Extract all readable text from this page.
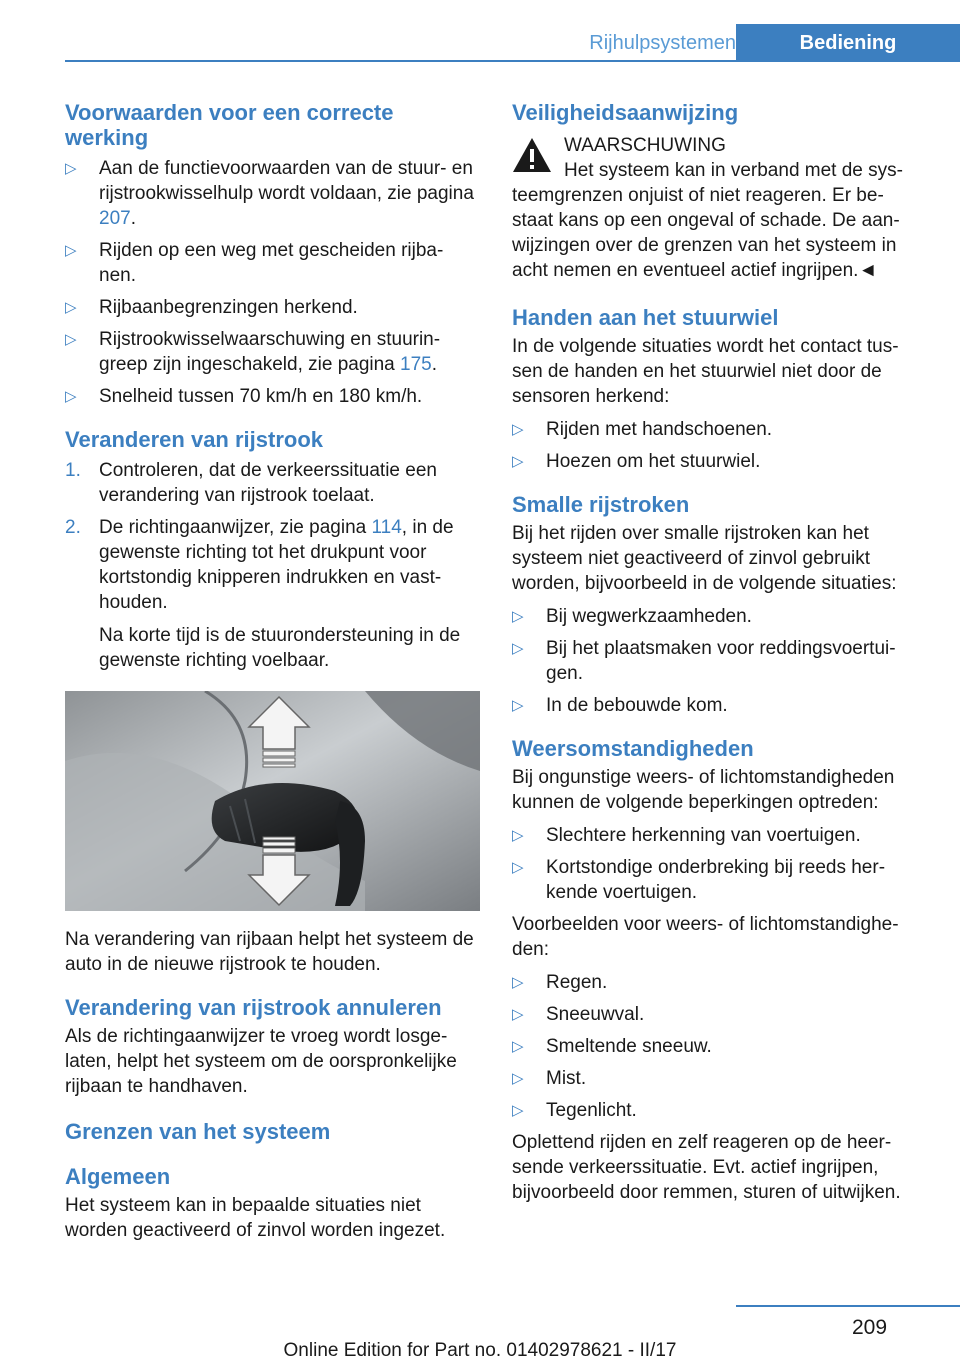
Rijhulpsystemen	Bediening
Voorwaarden voor een correcte werking
▷ Aan de functievoorwaarden van de stuur- en rijstrookwisselhulp wordt voldaan, zie pagina 207.
▷ Rijden op een weg met gescheiden rijba- nen.
▷ Rijbaanbegrenzingen herkend.
▷ Rijstrookwisselwaarschuwing en stuurin- greep zijn ingeschakeld, zie pagina 175.
▷ Snelheid tussen 70 km/h en 180 km/h.
Veranderen van rijstrook
1. Controleren, dat de verkeerssituatie een verandering van rijstrook toelaat.
2. De richtingaanwijzer, zie pagina 114, in de gewenste richting tot het drukpunt voor kortstondig knipperen indrukken en vast- houden.
Na korte tijd is de stuurondersteuning in de gewenste richting voelbaar.

Na verandering van rijbaan helpt het systeem de auto in de nieuwe rijstrook te houden.

Verandering van rijstrook annuleren

Als de richtingaanwijzer te vroeg wordt losge- laten, helpt het systeem om de oorspronkelijke rijbaan te handhaven.

Grenzen van het systeem
Algemeen

Het systeem kan in bepaalde situaties niet worden geactiveerd of zinvol worden ingezet.

Veiligheidsaanwijzing
WAARSCHUWING
Het systeem kan in verband met de sys- teemgrenzen onjuist of niet reageren. Er be- staat kans op een ongeval of schade. De aan- wijzingen over de grenzen van het systeem in acht nemen en eventueel actief ingrijpen.◄
Handen aan het stuurwiel

In de volgende situaties wordt het contact tus- sen de handen en het stuurwiel niet door de sensoren herkend:

▷ Rijden met handschoenen.
▷ Hoezen om het stuurwiel.
Smalle rijstroken

Bij het rijden over smalle rijstroken kan het systeem niet geactiveerd of zinvol gebruikt worden, bijvoorbeeld in de volgende situaties:

▷ Bij wegwerkzaamheden.
▷ Bij het plaatsmaken voor reddingsvoertui- gen.
▷ In de bebouwde kom.
Weersomstandigheden

Bij ongunstige weers- of lichtomstandigheden kunnen de volgende beperkingen optreden:

▷ Slechtere herkenning van voertuigen.
▷ Kortstondige onderbreking bij reeds her- kende voertuigen.

Voorbeelden voor weers- of lichtomstandighe- den:

▷ Regen.
▷ Sneeuwval.
▷ Smeltende sneeuw.
▷ Mist.
▷ Tegenlicht.

Oplettend rijden en zelf reageren op de heer- sende verkeerssituatie. Evt. actief ingrijpen, bijvoorbeeld door remmen, sturen of uitwijken.

209
Online Edition for Part no. 01402978621 - II/17
